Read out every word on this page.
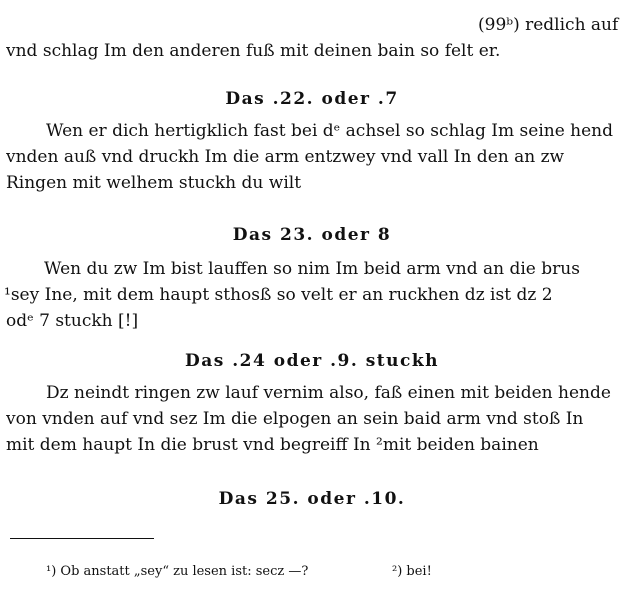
(99ᵇ) redlich auf
vnd schlag Im den anderen fuß mit deinen bain so felt er.
Das .22. oder .7
Wen er dich hertigklich fast bei dᵉ achsel so schlag Im seine hend
vnden auß vnd druckh Im die arm entzwey vnd vall In den an zw
Ringen mit welhem stuckh du wilt
Das 23. oder 8
Wen du zw Im bist lauffen so nim Im beid arm vnd an die brus
¹sey Ine, mit dem haupt sthosß so velt er an ruckhen dz ist dz 2
odᵉ 7 stuckh [!]
Das .24 oder .9. stuckh
Dz neindt ringen zw lauf vernim also, faß einen mit beiden hende
von vnden auf vnd sez Im die elpogen an sein baid arm vnd stoß In
mit dem haupt In die brust vnd begreiff In ²mit beiden bainen
Das 25. oder .10.
¹) Ob anstatt „sey“ zu lesen ist: secz —?	²) bei!
